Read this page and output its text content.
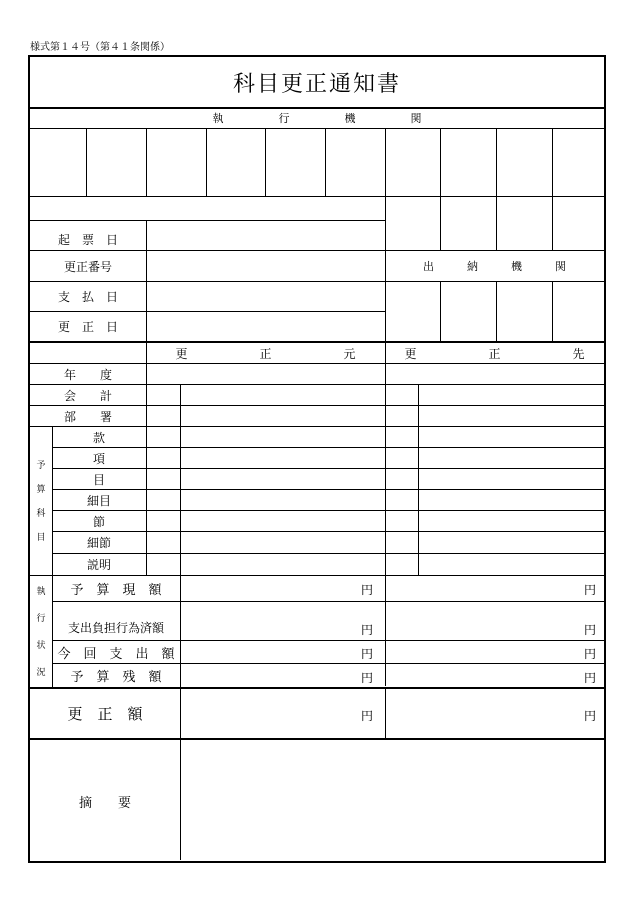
様式第１４号（第４１条関係）
科目更正通知書
執　　　　　行　　　　　機　　　　　関
起　票　日
更正番号	出　　　納　　　機　　　関
支　払　日
更　正　日
更　　　　　　正　　　　　　元	更　　　　　　正　　　　　　先
年　　度
会　　計
部　　署
予
算
科
目
款
項
目
細目
節
細節
説明
執
行
状
況
予　算　現　額	円	円
支出負担行為済額	円	円
今　回　支　出　額	円	円
予　算　残　額	円	円
更　正　額	円	円
摘　　要
